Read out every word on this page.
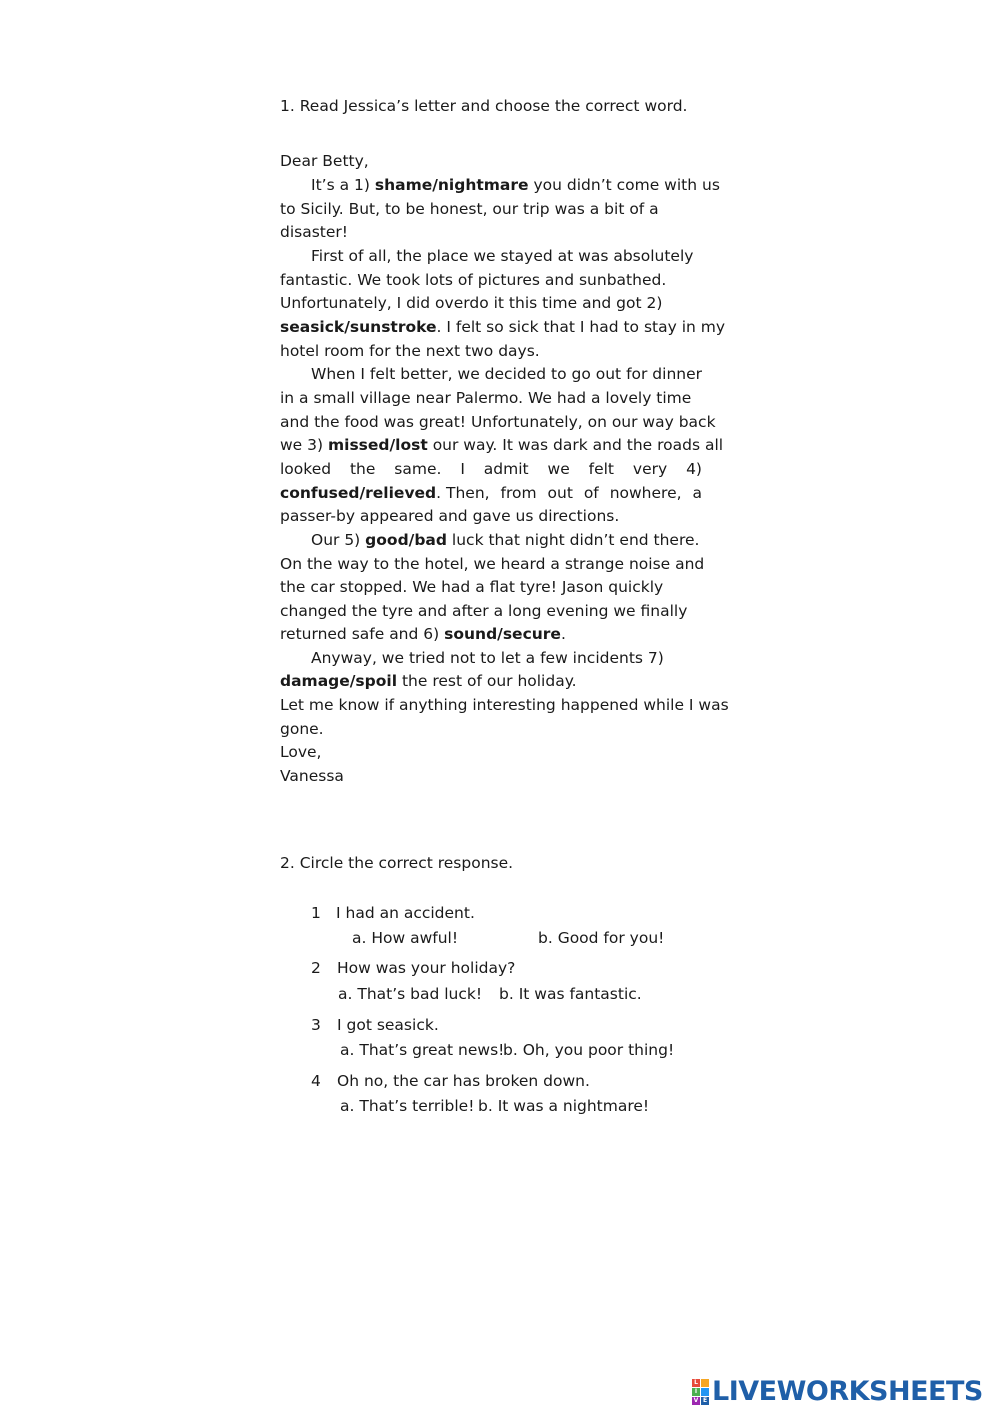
1. Read Jessica’s letter and choose the correct word.
Dear Betty,
It’s a 1) shame/nightmare you didn’t come with us
to Sicily. But, to be honest, our trip was a bit of a
disaster!
First of all, the place we stayed at was absolutely
fantastic. We took lots of pictures and sunbathed.
Unfortunately, I did overdo it this time and got 2)
seasick/sunstroke. I felt so sick that I had to stay in my
hotel room for the next two days.
When I felt better, we decided to go out for dinner
in a small village near Palermo. We had a lovely time
and the food was great! Unfortunately, on our way back
we 3) missed/lost our way. It was dark and the roads all
looked the same. I admit we felt very 4)
confused/relieved. Then, from out of nowhere, a
passer-by appeared and gave us directions.
Our 5) good/bad luck that night didn’t end there.
On the way to the hotel, we heard a strange noise and
the car stopped. We had a flat tyre! Jason quickly
changed the tyre and after a long evening we finally
returned safe and 6) sound/secure.
Anyway, we tried not to let a few incidents 7)
damage/spoil the rest of our holiday.
Let me know if anything interesting happened while I was
gone.
Love,
Vanessa
2. Circle the correct response.
1 I had an accident.
a. How awful!	b. Good for you!
2 How was your holiday?
a. That’s bad luck! b. It was fantastic.
3 I got seasick.
a. That’s great news!
b. Oh, you poor thing!
4 Oh no, the car has broken down.
a. That’s terrible! b. It was a nightmare!
L
I
V E LIVEWORKSHEETS
